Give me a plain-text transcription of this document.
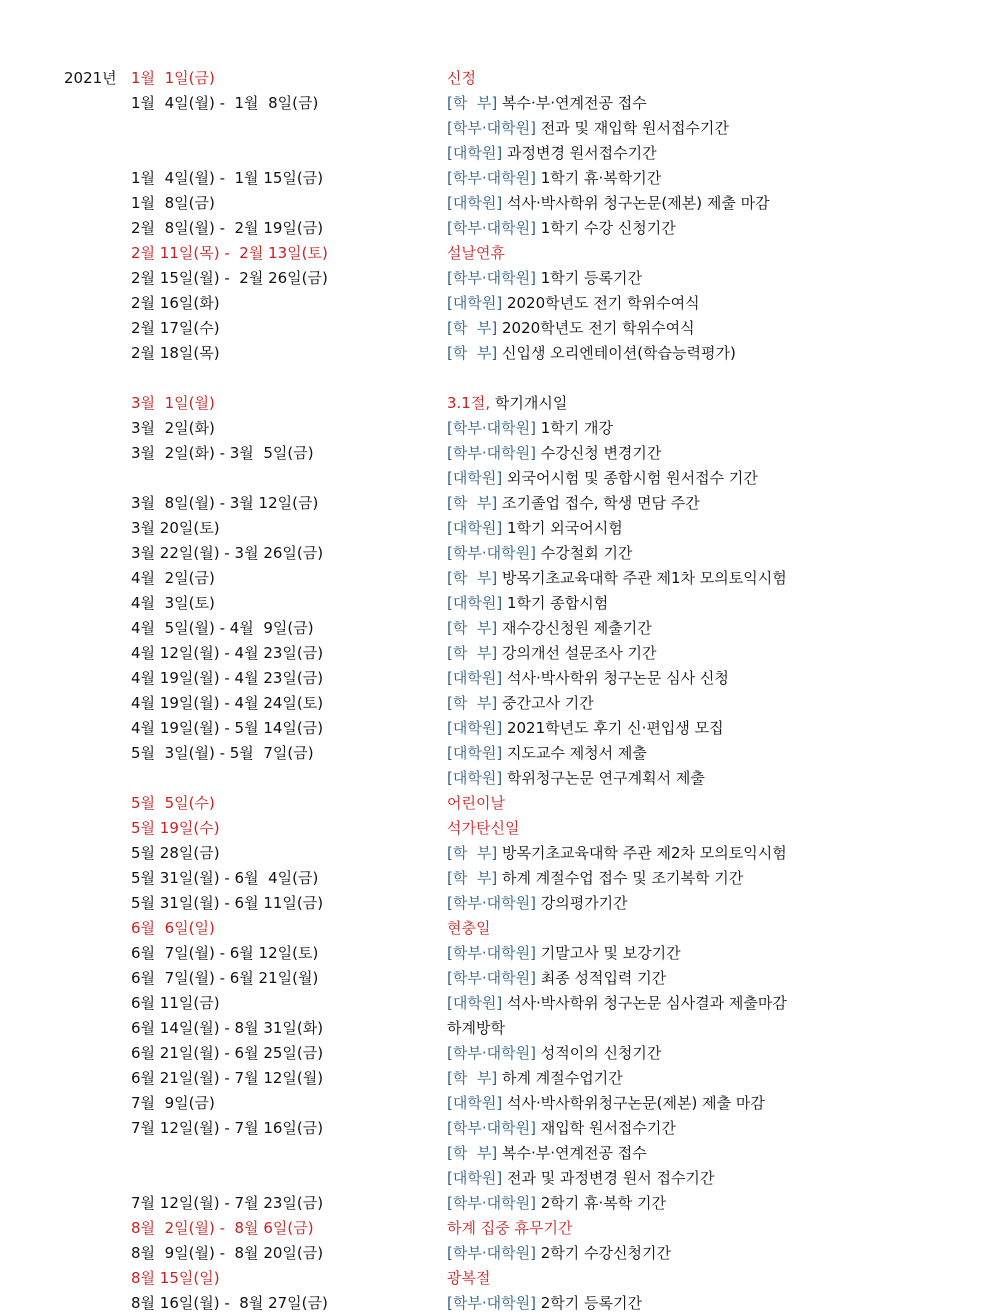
2021년 1월  1일(금)	신정
1월  4일(월) -  1월  8일(금)	[학  부] 복수·부·연계전공 접수
[학부·대학원] 전과 및 재입학 원서접수기간
[대학원] 과정변경 원서접수기간
1월  4일(월) -  1월 15일(금)	[학부·대학원] 1학기 휴·복학기간
1월  8일(금)	[대학원] 석사·박사학위 청구논문(제본) 제출 마감
2월  8일(월) -  2월 19일(금)	[학부·대학원] 1학기 수강 신청기간
2월 11일(목) -  2월 13일(토)	설날연휴
2월 15일(월) -  2월 26일(금)	[학부·대학원] 1학기 등록기간
2월 16일(화)	[대학원] 2020학년도 전기 학위수여식
2월 17일(수)	[학  부] 2020학년도 전기 학위수여식
2월 18일(목)	[학  부] 신입생 오리엔테이션(학습능력평가)
3월  1일(월)	3.1절, 학기개시일
3월  2일(화)	[학부·대학원] 1학기 개강
3월  2일(화) - 3월  5일(금)	[학부·대학원] 수강신청 변경기간
[대학원] 외국어시험 및 종합시험 원서접수 기간
3월  8일(월) - 3월 12일(금)	[학  부] 조기졸업 접수, 학생 면담 주간
3월 20일(토)	[대학원] 1학기 외국어시험
3월 22일(월) - 3월 26일(금)	[학부·대학원] 수강철회 기간
4월  2일(금)	[학  부] 방목기초교육대학 주관 제1차 모의토익시험
4월  3일(토)	[대학원] 1학기 종합시험
4월  5일(월) - 4월  9일(금)	[학  부] 재수강신청원 제출기간
4월 12일(월) - 4월 23일(금)	[학  부] 강의개선 설문조사 기간
4월 19일(월) - 4월 23일(금)	[대학원] 석사·박사학위 청구논문 심사 신청
4월 19일(월) - 4월 24일(토)	[학  부] 중간고사 기간
4월 19일(월) - 5월 14일(금)	[대학원] 2021학년도 후기 신·편입생 모집
5월  3일(월) - 5월  7일(금)	[대학원] 지도교수 제청서 제출
[대학원] 학위청구논문 연구계획서 제출
5월  5일(수)	어린이날
5월 19일(수)	석가탄신일
5월 28일(금)	[학  부] 방목기초교육대학 주관 제2차 모의토익시험
5월 31일(월) - 6월  4일(금)	[학  부] 하계 계절수업 접수 및 조기복학 기간
5월 31일(월) - 6월 11일(금)	[학부·대학원] 강의평가기간
6월  6일(일)	현충일
6월  7일(월) - 6월 12일(토)	[학부·대학원] 기말고사 및 보강기간
6월  7일(월) - 6월 21일(월)	[학부·대학원] 최종 성적입력 기간
6월 11일(금)	[대학원] 석사·박사학위 청구논문 심사결과 제출마감
6월 14일(월) - 8월 31일(화)	하계방학
6월 21일(월) - 6월 25일(금)	[학부·대학원] 성적이의 신청기간
6월 21일(월) - 7월 12일(월)	[학  부] 하계 계절수업기간
7월  9일(금)	[대학원] 석사·박사학위청구논문(제본) 제출 마감
7월 12일(월) - 7월 16일(금)	[학부·대학원] 재입학 원서접수기간
[학  부] 복수·부·연계전공 접수
[대학원] 전과 및 과정변경 원서 접수기간
7월 12일(월) - 7월 23일(금)	[학부·대학원] 2학기 휴·복학 기간
8월  2일(월) -  8월 6일(금)	하계 집중 휴무기간
8월  9일(월) -  8월 20일(금)	[학부·대학원] 2학기 수강신청기간
8월 15일(일)	광복절
8월 16일(월) -  8월 27일(금)	[학부·대학원] 2학기 등록기간
